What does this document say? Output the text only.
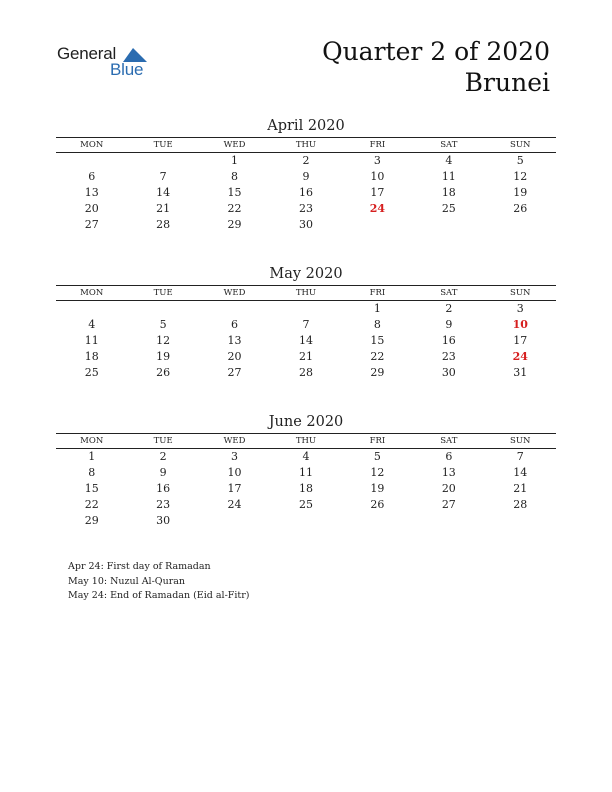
General
Blue
Quarter 2 of 2020
Brunei
April 2020
MON	TUE	WED	THU	FRI	SAT	SUN
		1	2	3	4	5
6	7	8	9	10	11	12
13	14	15	16	17	18	19
20	21	22	23	24	25	26
27	28	29	30			
May 2020
MON	TUE	WED	THU	FRI	SAT	SUN
				1	2	3
4	5	6	7	8	9	10
11	12	13	14	15	16	17
18	19	20	21	22	23	24
25	26	27	28	29	30	31
June 2020
MON	TUE	WED	THU	FRI	SAT	SUN
1	2	3	4	5	6	7
8	9	10	11	12	13	14
15	16	17	18	19	20	21
22	23	24	25	26	27	28
29	30					
Apr 24: First day of Ramadan
May 10: Nuzul Al-Quran
May 24: End of Ramadan (Eid al-Fitr)
